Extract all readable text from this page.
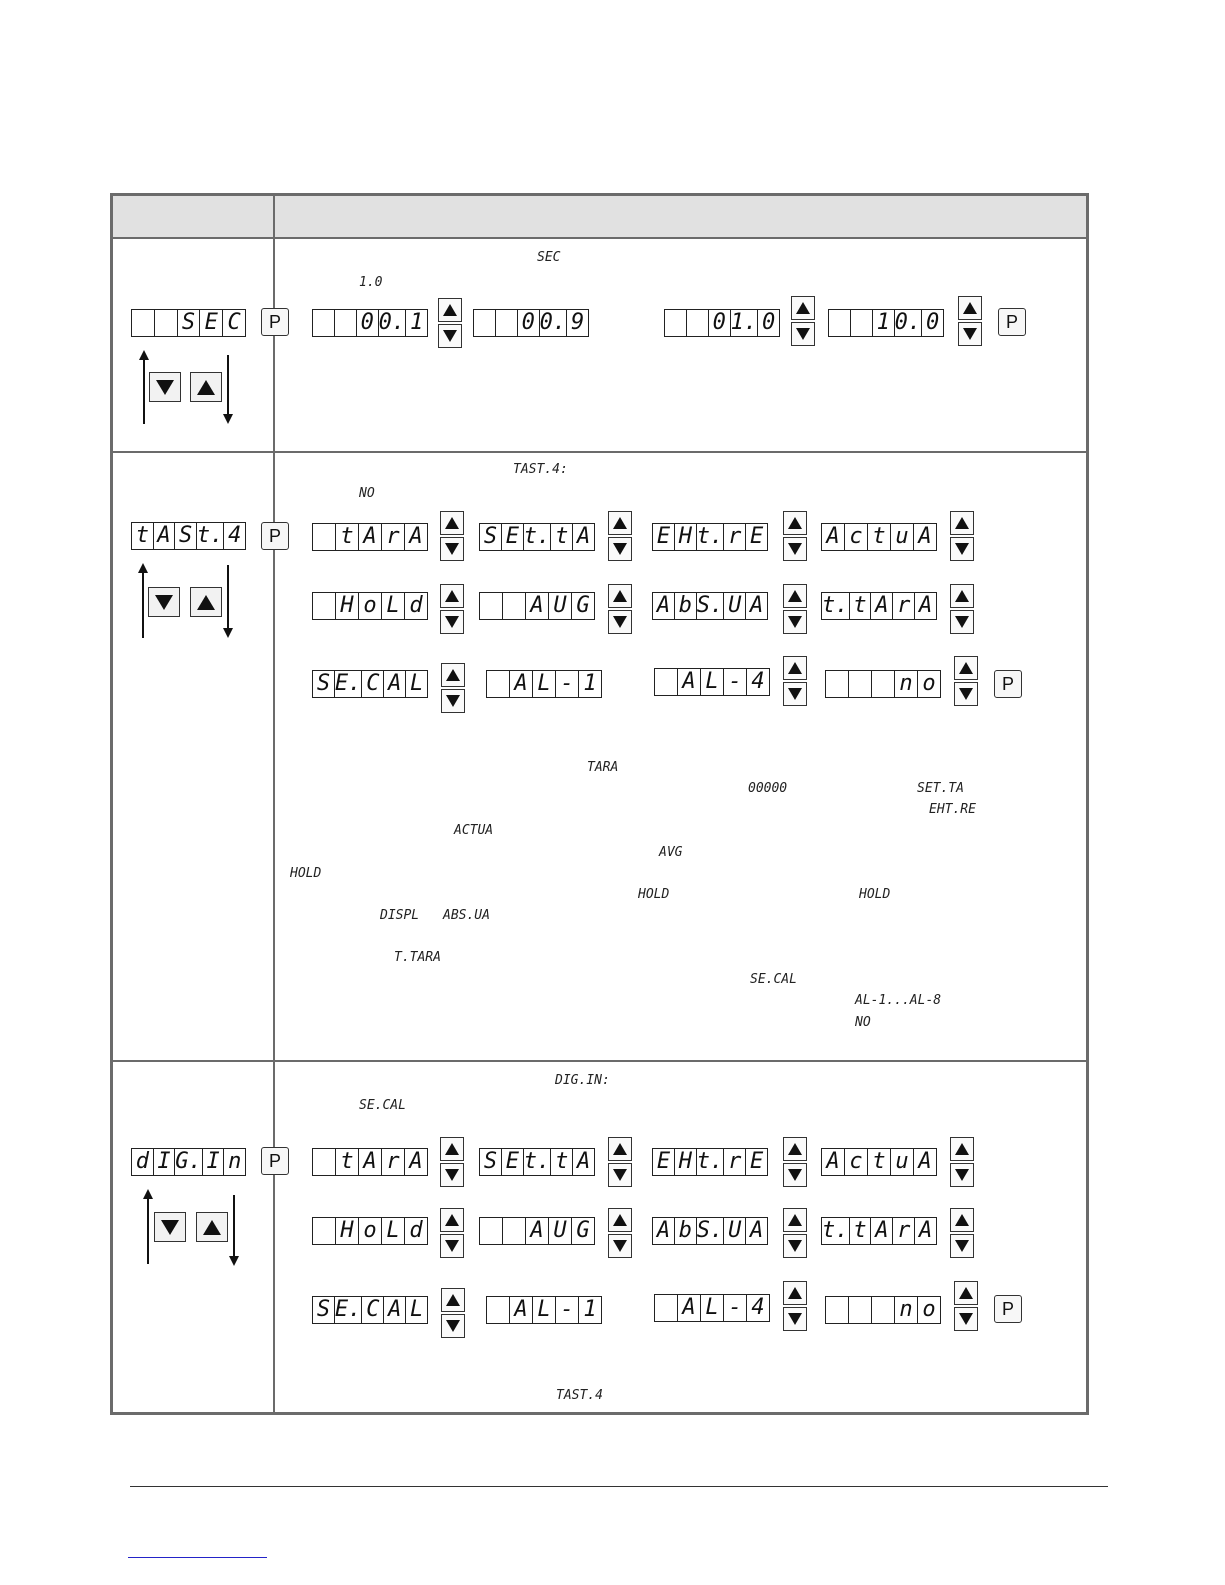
S E C	P
SEC
1.0
0 0. 1	0 0. 9	0 1. 0	1 0. 0	P
t A S t. 4	P
TAST.4:
NO
t A r A	S E t. t A	E H t. r E	A c t u A
H o L d	A U G	A b S. U A	t. t A r A
S E. C A L	A L - 1	A L - 4	n o	P
TARA
00000	SET.TA
EHT.RE
ACTUA
AVG
HOLD
HOLD	HOLD
DISPL ABS.UA
T.TARA
SE.CAL
AL-1...AL-8
NO
d I G. I n	P
DIG.IN:
SE.CAL
t A r A	S E t. t A	E H t. r E	A c t u A
H o L d	A U G	A b S. U A	t. t A r A
S E. C A L	A L - 1	A L - 4	n o	P
TAST.4
